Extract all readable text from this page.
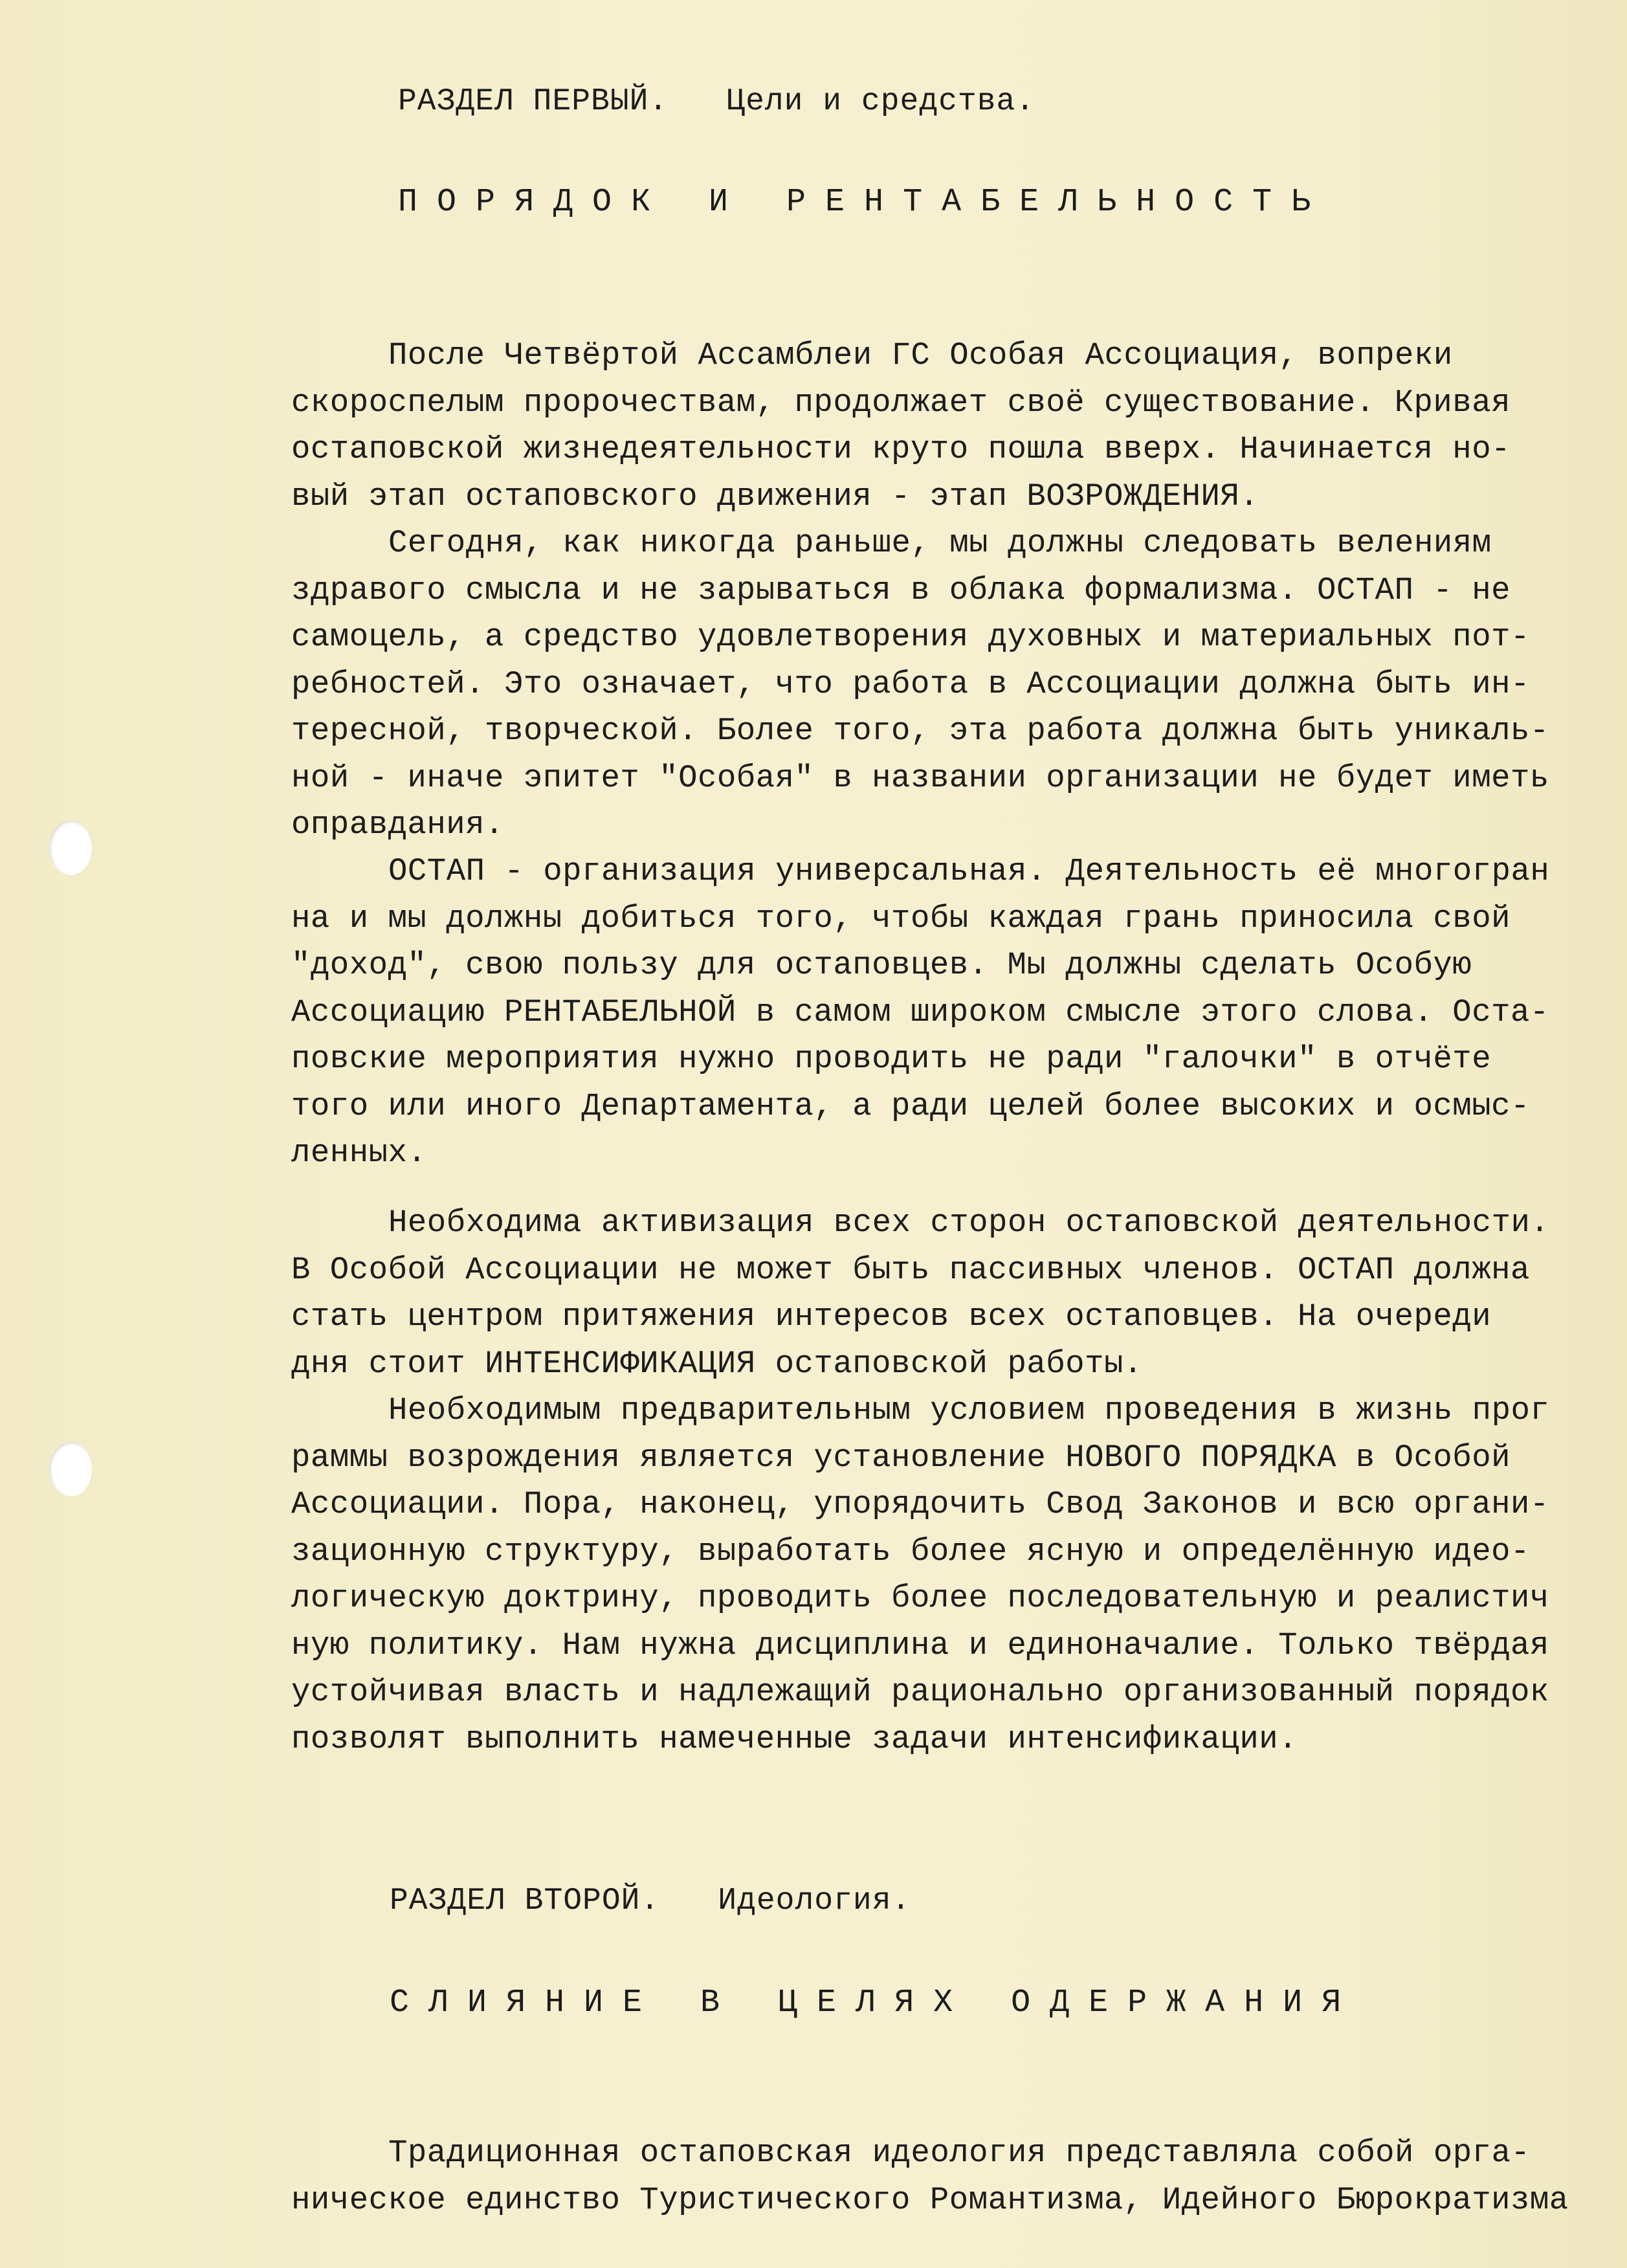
РАЗДЕЛ ПЕРВЫЙ. Цели и средства.
ПОРЯДОК И РЕНТАБЕЛЬНОСТЬ
После Четвёртой Ассамблеи ГС Особая Ассоциация, вопреки
скороспелым пророчествам, продолжает своё существование. Кривая
остаповской жизнедеятельности круто пошла вверх. Начинается но-
вый этап остаповского движения - этап ВОЗРОЖДЕНИЯ.
Сегодня, как никогда раньше, мы должны следовать велениям
здравого смысла и не зарываться в облака формализма. ОСТАП - не
самоцель, а средство удовлетворения духовных и материальных пот-
ребностей. Это означает, что работа в Ассоциации должна быть ин-
тересной, творческой. Более того, эта работа должна быть уникаль-
ной - иначе эпитет "Особая" в названии организации не будет иметь
оправдания.
ОСТАП - организация универсальная. Деятельность её многогран
на и мы должны добиться того, чтобы каждая грань приносила свой
"доход", свою пользу для остаповцев. Мы должны сделать Особую
Ассоциацию РЕНТАБЕЛЬНОЙ в самом широком смысле этого слова. Оста-
повские мероприятия нужно проводить не ради "галочки" в отчёте
того или иного Департамента, а ради целей более высоких и осмыс-
ленных.
Необходима активизация всех сторон остаповской деятельности.
В Особой Ассоциации не может быть пассивных членов. ОСТАП должна
стать центром притяжения интересов всех остаповцев. На очереди
дня стоит ИНТЕНСИФИКАЦИЯ остаповской работы.
Необходимым предварительным условием проведения в жизнь прог
раммы возрождения является установление НОВОГО ПОРЯДКА в Особой
Ассоциации. Пора, наконец, упорядочить Свод Законов и всю органи-
зационную структуру, выработать более ясную и определённую идео-
логическую доктрину, проводить более последовательную и реалистич
ную политику. Нам нужна дисциплина и единоначалие. Только твёрдая
устойчивая власть и надлежащий рационально организованный порядок
позволят выполнить намеченные задачи интенсификации.
РАЗДЕЛ ВТОРОЙ. Идеология.
СЛИЯНИЕ В ЦЕЛЯХ ОДЕРЖАНИЯ
Традиционная остаповская идеология представляла собой орга-
ническое единство Туристического Романтизма, Идейного Бюрократизма
